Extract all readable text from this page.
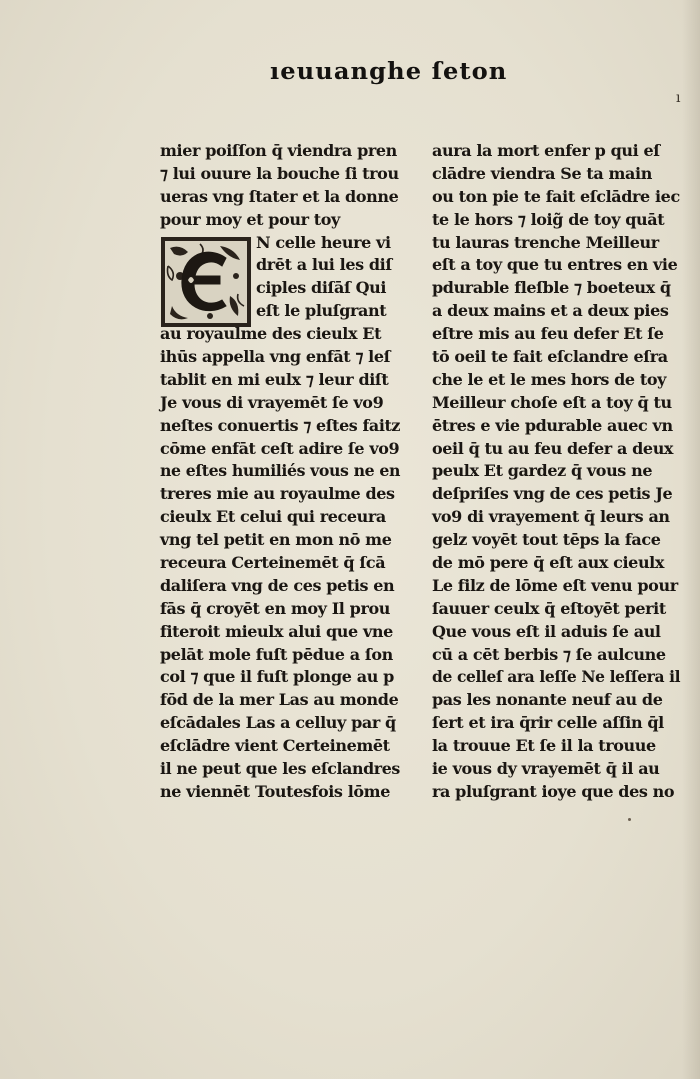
ıeuuanghe ſeton
ı
mier poiſſon q̄ viendra pren
⁊ lui ouure la bouche ſi trou
ueras vng ſtater et la donne
pour moy et pour toy
N celle heure vi
drēt a lui les diſ
ciples diſāſ Qui
eſt le pluſgrant
au royaulme des cieulx Et
ihūs appella vng enfāt ⁊ leſ
tablit en mi eulx ⁊ leur diſt
Je vous di vrayemēt ſe vo9
neſtes conuertis ⁊ eſtes faitz
cōme enfāt ceſt adire ſe vo9
ne eſtes humiliés vous ne en
treres mie au royaulme des
cieulx Et celui qui receura
vng tel petit en mon nō me
receura Certeinemēt q̄ ſcā
daliſera vng de ces petis en
fās q̄ croyēt en moy Il prou
fiteroit mieulx alui que vne
pelāt mole fuſt pēdue a ſon
col ⁊ que il fuſt plonge au p
fōd de la mer Las au monde
eſcādales Las a celluy par q̄
eſclādre vient Certeinemēt
il ne peut que les eſclandres
ne viennēt Toutesfois lōme
aura la mort enfer p qui eſ
clādre viendra Se ta main
ou ton pie te fait eſclādre iec
te le hors ⁊ loig̃ de toy quāt
tu lauras trenche Meilleur
eſt a toy que tu entres en vie
pdurable fleſble ⁊ boeteux q̄
a deux mains et a deux pies
eſtre mis au feu defer Et ſe
tō oeil te fait eſclandre eſra
che le et le mes hors de toy
Meilleur choſe eſt a toy q̄ tu
ētres e vie pdurable auec vn
oeil q̄ tu au feu defer a deux
peulx Et gardez q̄ vous ne
deſpriſes vng de ces petis Je
vo9 di vrayement q̄ leurs an
gelz voyēt tout tēps la face
de mō pere q̄ eſt aux cieulx
Le filz de lōme eſt venu pour
ſauuer ceulx q̄ eſtoyēt perit
Que vous eſt il aduis ſe aul
cū a cēt berbis ⁊ ſe aulcune
de celleſ ara leſſe Ne leſſera il
pas les nonante neuf au de
ſert et ira q̄rir celle aſſin q̄l
la trouue Et ſe il la trouue
ie vous dy vrayemēt q̄ il au
ra pluſgrant ioye que des no
